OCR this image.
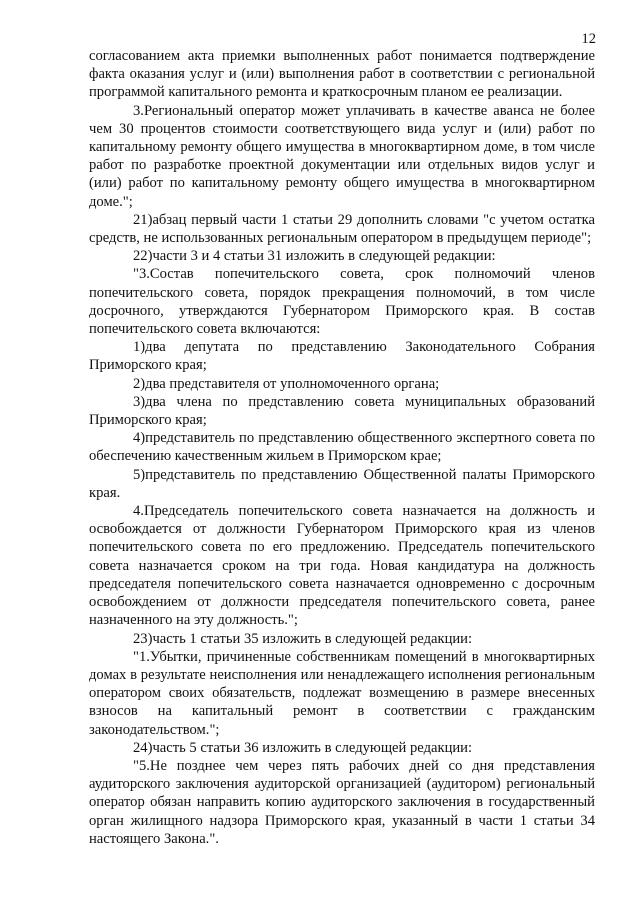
12

согласованием акта приемки выполненных работ понимается подтверждение факта оказания услуг и (или) выполнения работ в соответствии с региональной программой капитального ремонта и краткосрочным планом ее реализации.

3.Региональный оператор может уплачивать в качестве аванса не более чем 30 процентов стоимости соответствующего вида услуг и (или) работ по капитальному ремонту общего имущества в многоквартирном доме, в том числе работ по разработке проектной документации или отдельных видов услуг и (или) работ по капитальному ремонту общего имущества в многоквартирном доме.";

21)абзац первый части 1 статьи 29 дополнить словами "с учетом остатка средств, не использованных региональным оператором в предыдущем периоде";

22)части 3 и 4 статьи 31 изложить в следующей редакции:

"3.Состав попечительского совета, срок полномочий членов попечительского совета, порядок прекращения полномочий, в том числе досрочного, утверждаются Губернатором Приморского края. В состав попечительского совета включаются:

1)два депутата по представлению Законодательного Собрания Приморского края;

2)два представителя от уполномоченного органа;

3)два члена по представлению совета муниципальных образований Приморского края;

4)представитель по представлению общественного экспертного совета по обеспечению качественным жильем в Приморском крае;

5)представитель по представлению Общественной палаты Приморского края.

4.Председатель попечительского совета назначается на должность и освобождается от должности Губернатором Приморского края из членов попечительского совета по его предложению. Председатель попечительского совета назначается сроком на три года. Новая кандидатура на должность председателя попечительского совета назначается одновременно с досрочным освобождением от должности председателя попечительского совета, ранее назначенного на эту должность.";

23)часть 1 статьи 35 изложить в следующей редакции:

"1.Убытки, причиненные собственникам помещений в многоквартирных домах в результате неисполнения или ненадлежащего исполнения региональным оператором своих обязательств, подлежат возмещению в размере внесенных взносов на капитальный ремонт в соответствии с гражданским законодательством.";

24)часть 5 статьи 36 изложить в следующей редакции:

"5.Не позднее чем через пять рабочих дней со дня представления аудиторского заключения аудиторской организацией (аудитором) региональный оператор обязан направить копию аудиторского заключения в государственный орган жилищного надзора Приморского края, указанный в части 1 статьи 34 настоящего Закона.".
